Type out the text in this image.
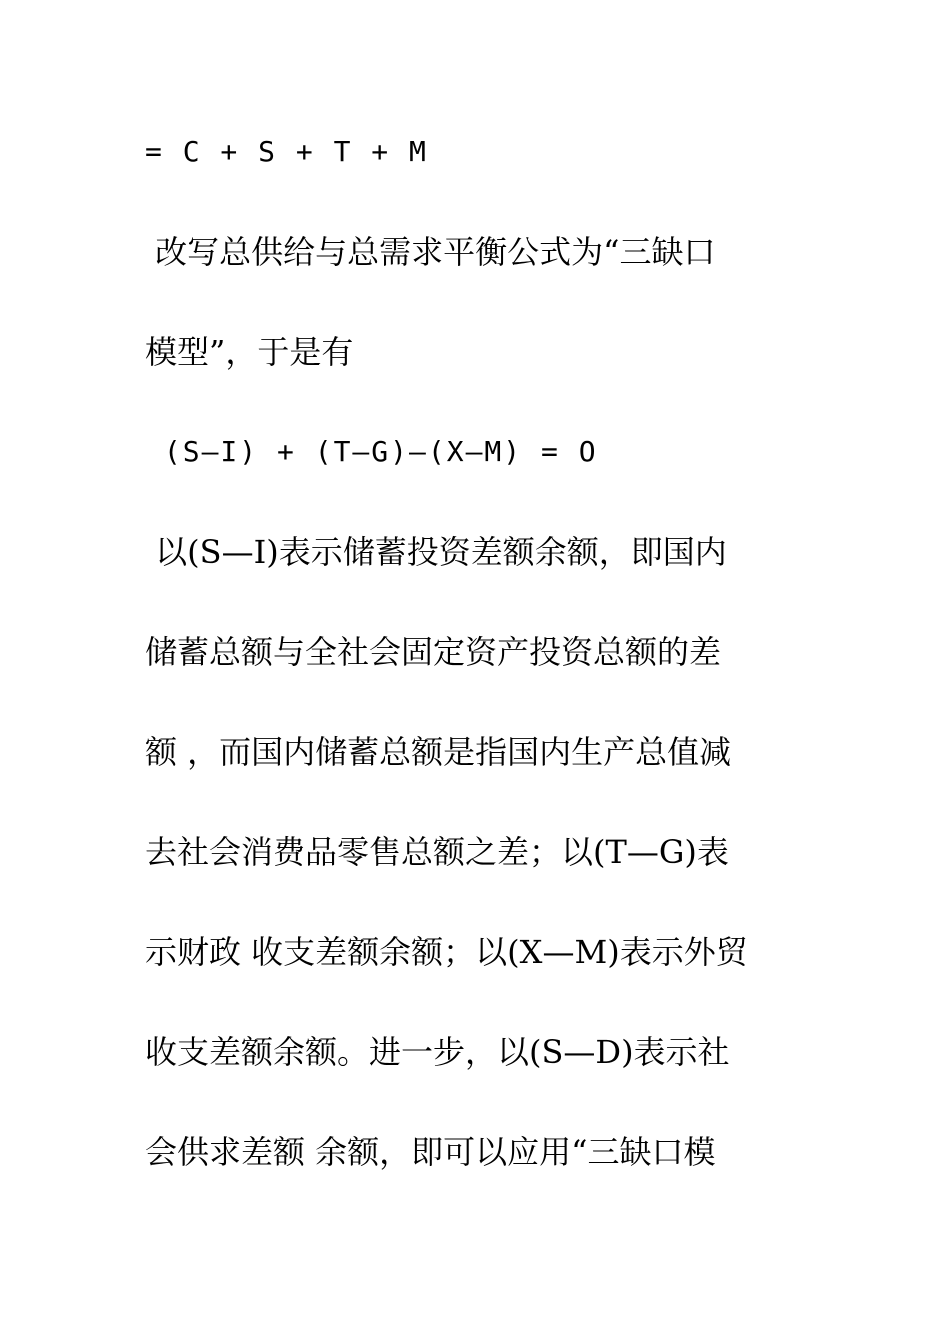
= C + S + T + M
改写总供给与总需求平衡公式为“三缺口
模型”，于是有
(S—I) + (T—G)—(X—M) = O
以(S—I)表示储蓄投资差额余额，即国内
储蓄总额与全社会固定资产投资总额的差
额 ，而国内储蓄总额是指国内生产总值减
去社会消费品零售总额之差；以(T—G)表
示财政 收支差额余额；以(X—M)表示外贸
收支差额余额。进一步，以(S—D)表示社
会供求差额 余额，即可以应用“三缺口模
